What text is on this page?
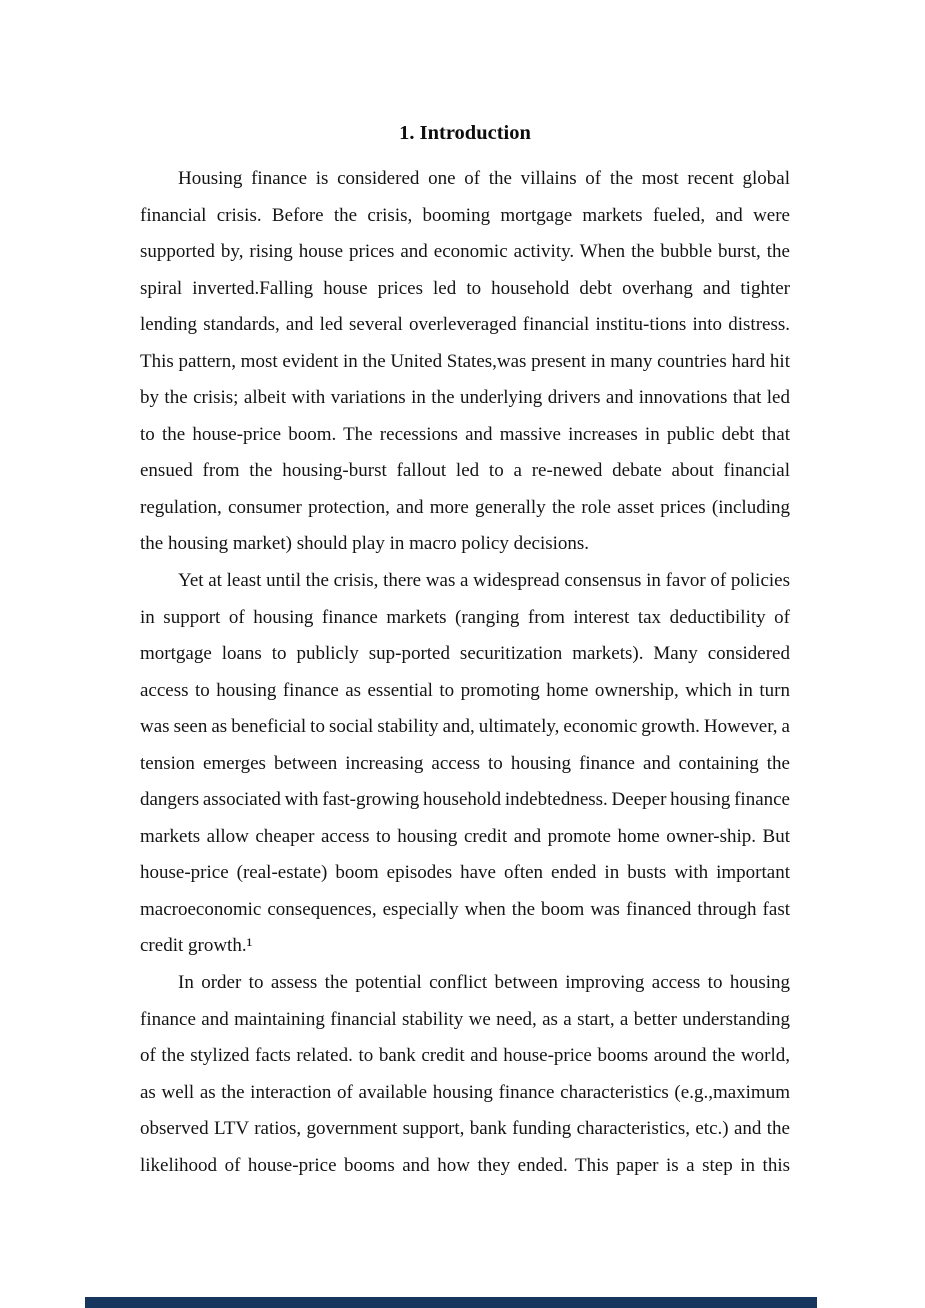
1. Introduction
Housing finance is considered one of the villains of the most recent global
financial crisis. Before the crisis, booming mortgage markets fueled, and were
supported by, rising house prices and economic activity. When the bubble burst, the
spiral inverted.Falling house prices led to household debt overhang and tighter
lending standards, and led several overleveraged financial institu-tions into distress.
This pattern, most evident in the United States,was present in many countries hard hit
by the crisis; albeit with variations in the underlying drivers and innovations that led
to the house-price boom. The recessions and massive increases in public debt that
ensued from the housing-burst fallout led to a re-newed debate about financial
regulation, consumer protection, and more generally the role asset prices (including
the housing market) should play in macro policy decisions.
Yet at least until the crisis, there was a widespread consensus in favor of policies
in support of housing finance markets (ranging from interest tax deductibility of
mortgage loans to publicly sup-ported securitization markets). Many considered
access to housing finance as essential to promoting home ownership, which in turn
was seen as beneficial to social stability and, ultimately, economic growth. However, a
tension emerges between increasing access to housing finance and containing the
dangers associated with fast-growing household indebtedness. Deeper housing finance
markets allow cheaper access to housing credit and promote home owner-ship. But
house-price (real-estate) boom episodes have often ended in busts with important
macroeconomic consequences, especially when the boom was financed through fast
credit growth.¹
In order to assess the potential conflict between improving access to housing
finance and maintaining financial stability we need, as a start, a better understanding
of the stylized facts related. to bank credit and house-price booms around the world,
as well as the interaction of available housing finance characteristics (e.g.,maximum
observed LTV ratios, government support, bank funding characteristics, etc.) and the
likelihood of house-price booms and how they ended. This paper is a step in this
